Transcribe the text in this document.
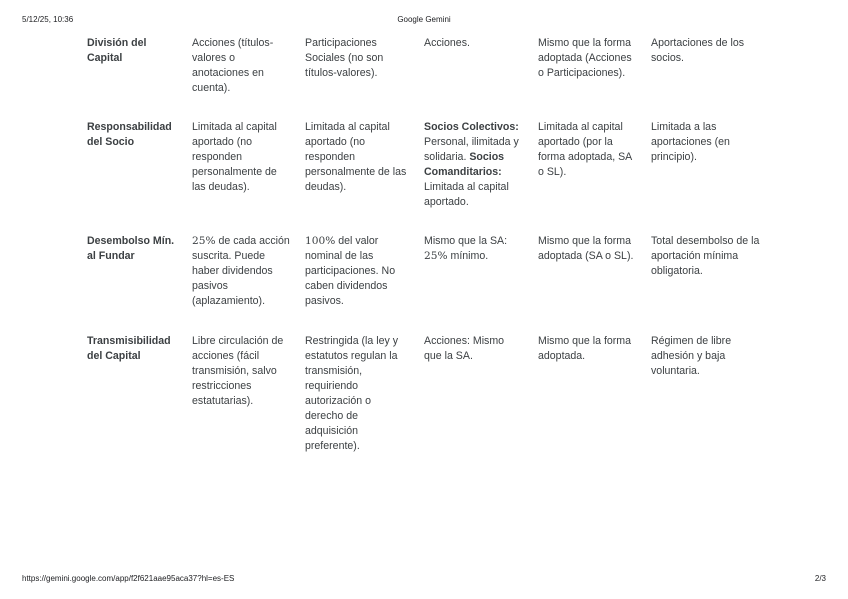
5/12/25, 10:36	Google Gemini
División del Capital	Acciones (títulos-valores o anotaciones en cuenta).	Participaciones Sociales (no son títulos-valores).	Acciones.	Mismo que la forma adoptada (Acciones o Participaciones).	Aportaciones de los socios.
Responsabilidad del Socio	Limitada al capital aportado (no responden personalmente de las deudas).	Limitada al capital aportado (no responden personalmente de las deudas).	Socios Colectivos: Personal, ilimitada y solidaria. Socios Comanditarios: Limitada al capital aportado.	Limitada al capital aportado (por la forma adoptada, SA o SL).	Limitada a las aportaciones (en principio).
Desembolso Mín. al Fundar	25% de cada acción suscrita. Puede haber dividendos pasivos (aplazamiento).	100% del valor nominal de las participaciones. No caben dividendos pasivos.	Mismo que la SA: 25% mínimo.	Mismo que la forma adoptada (SA o SL).	Total desembolso de la aportación mínima obligatoria.
Transmisibilidad del Capital	Libre circulación de acciones (fácil transmisión, salvo restricciones estatutarias).	Restringida (la ley y estatutos regulan la transmisión, requiriendo autorización o derecho de adquisición preferente).	Acciones: Mismo que la SA.	Mismo que la forma adoptada.	Régimen de libre adhesión y baja voluntaria.
https://gemini.google.com/app/f2f621aae95aca37?hl=es-ES	2/3
